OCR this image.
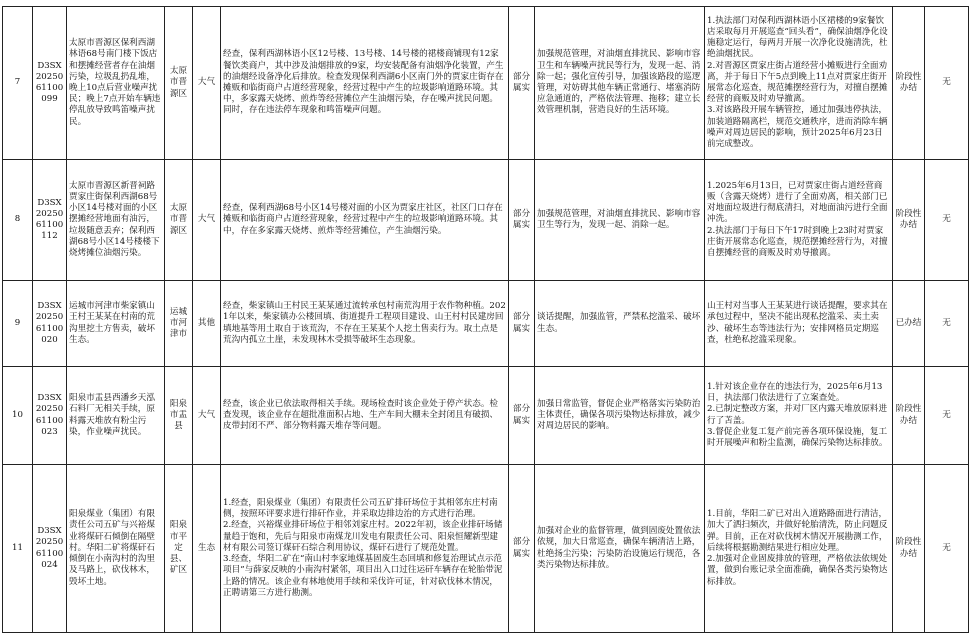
7	D3SX2025061100099	太原市晋源区保利西湖林语68号南门楼下饭店和摆摊经营者存在油烟污染，垃圾乱扔乱堆，晚上10点后营业噪声扰民；晚上7点开始车辆违停乱放导致鸣笛噪声扰民。	太原市晋源区	大气	经查，保利西湖林语小区12号楼、13号楼、14号楼的裙楼商铺现有12家餐饮类商户，其中涉及油烟排放的9家，均安装配备有油烟净化装置，产生的油烟经设备净化后排放。检查发现保利西湖6小区南门外的贾家庄街存在摊贩和临街商户占道经营现象，经营过程中产生的垃圾影响道路环境。其中，多家露天烧烤、煎炸等经营摊位产生油烟污染，存在噪声扰民问题。同时，存在违法停车现象和鸣笛噪声问题。	部分属实	加强规范管理，对油烟直排扰民、影响市容卫生和车辆噪声扰民等行为，发现一起、消除一起；强化宣传引导，加强该路段的巡逻管理，对妨碍其他车辆正常通行、堵塞消防应急通道的，严格依法管理、拖移；建立长效管理机制，营造良好的生活环境。	1.执法部门对保利西湖林语小区裙楼的9家餐饮店采取每月开展巡查“回头看”，确保油烟净化设施稳定运行，每两月开展一次净化设施清洗，杜绝油烟扰民。
2.对晋源区贾家庄街占道经营小摊贩进行全面劝离，并于每日下午5点到晚上11点对贾家庄街开展常态化巡查，规范摊摆经营行为，对擅自摆摊经营的商贩及时劝导撤离。
3.对该路段开展车辆管控，通过加强违停执法，加装道路隔离栏，规范交通秩序，进而消除车辆噪声对周边居民的影响，预计2025年6月23日前完成整改。	阶段性办结	无
8	D3SX2025061100112	太原市晋源区新晋祠路贾家庄街保利西湖68号小区14号楼对面的小区摆摊经营地面有油污，垃圾随意丢弃；保利西湖68号小区14号楼楼下烧烤摊位油烟污染。	太原市晋源区	大气	经查，保利西湖68号小区14号楼对面的小区为贾家庄社区，社区门口存在摊贩和临街商户占道经营现象，经营过程中产生的垃圾影响道路环境。其中，存在多家露天烧烤、煎炸等经营摊位，产生油烟污染。	部分属实	加强规范管理，对油烟直排扰民、影响市容卫生等行为，发现一起、消除一起。	1.2025年6月13日，已对贾家庄街占道经营商贩（含露天烧烤）进行了全面劝离，相关部门已对地面垃圾进行彻底清扫，对地面油污进行全面冲洗。
2.执法部门于每日下午17时到晚上23时对贾家庄街开展常态化巡查，规范摆摊经营行为，对擅自摆摊经营的商贩及时劝导撤离。	阶段性办结	无
9	D3SX2025061100020	运城市河津市柴家镇山王村王某某在村南的荒沟里挖土方售卖，破坏生态。	运城市河津市	其他	经查，柴家镇山王村民王某某通过流转承包村南荒沟用于农作物种植。2021年以来，柴家镇办公楼回填、街道提升工程项目建设、山王村村民建房回填地基等用土取自于该荒沟，不存在王某某个人挖土售卖行为。取土点是荒沟内孤立土崖，未发现林木受损等破坏生态现象。	部分属实	谈话提醒，加强监管，严禁私挖滥采、破坏生态。	山王村对当事人王某某进行谈话提醒，要求其在承包过程中，坚决不能出现私挖滥采、卖土卖沙、破坏生态等违法行为；安排网格员定期巡查，杜绝私挖滥采现象。	已办结	无
10	D3SX2025061100023	阳泉市盂县西潘乡天泓石料厂无相关手续，原料露天堆放有粉尘污染，作业噪声扰民。	阳泉市盂县	大气	经查，该企业已依法取得相关手续。现场检查时该企业处于停产状态。检查发现，该企业存在超批准面积占地、生产车间大棚未全封闭且有破损、皮带封闭不严、部分物料露天堆存等问题。	部分属实	加强日常监管，督促企业严格落实污染防治主体责任，确保各项污染物达标排放，减少对周边居民的影响。	1.针对该企业存在的违法行为，2025年6月13日，执法部门依法进行了立案查处。
2.已制定整改方案，并对厂区内露天堆放原料进行了苫盖。
3.督促企业复工复产前完善各项环保设施，复工时开展噪声和粉尘监测，确保污染物达标排放。	阶段性办结	无
11	D3SX2025061100024	阳泉煤业（集团）有限责任公司五矿与兴裕煤业将煤矸石倾倒在隔壁村。华阳二矿将煤矸石倾倒在小南沟村的沟里及马路上，砍伐林木，毁坏土地。	阳泉市平定县、矿区	生态	1.经查，阳泉煤业（集团）有限责任公司五矿排矸场位于其相邻东庄村南侧，按照环评要求进行排矸作业，并采取边排边治的方式进行治理。
2.经查，兴裕煤业排矸场位于相邻刘家庄村。2022年初，该企业排矸场储量趋于饱和，先后与阳泉市南煤龙川发电有限责任公司、阳泉恒耀新型建材有限公司签订煤矸石综合利用协议，煤矸石进行了规范处置。
3.经查，华阳二矿在“南山村李家地煤基固废生态回填和修复治理试点示范项目”与薛家反映的小南沟村紧邻，项目出入口过往运矸车辆存在轮胎带泥上路的情况。该企业有林地使用手续和采伐许可证，针对砍伐林木情况，正聘请第三方进行勘测。	部分属实	加强对企业的监督管理，做到固废处置依法依规，加大日常巡查，确保车辆清洁上路，杜绝扬尘污染；污染防治设施运行规范，各类污染物达标排放。	1.目前，华阳二矿已对出入道路路面进行清洁，加大了洒扫频次，并做好轮胎清洗，防止问题反弹。目前，正在对砍伐树木情况开展勘测工作，后续将根据勘测结果进行相应处理。
2.加强对企业固废排放的管理，严格依法依规处置，做到台账记录全面准确，确保各类污染物达标排放。	阶段性办结	无
